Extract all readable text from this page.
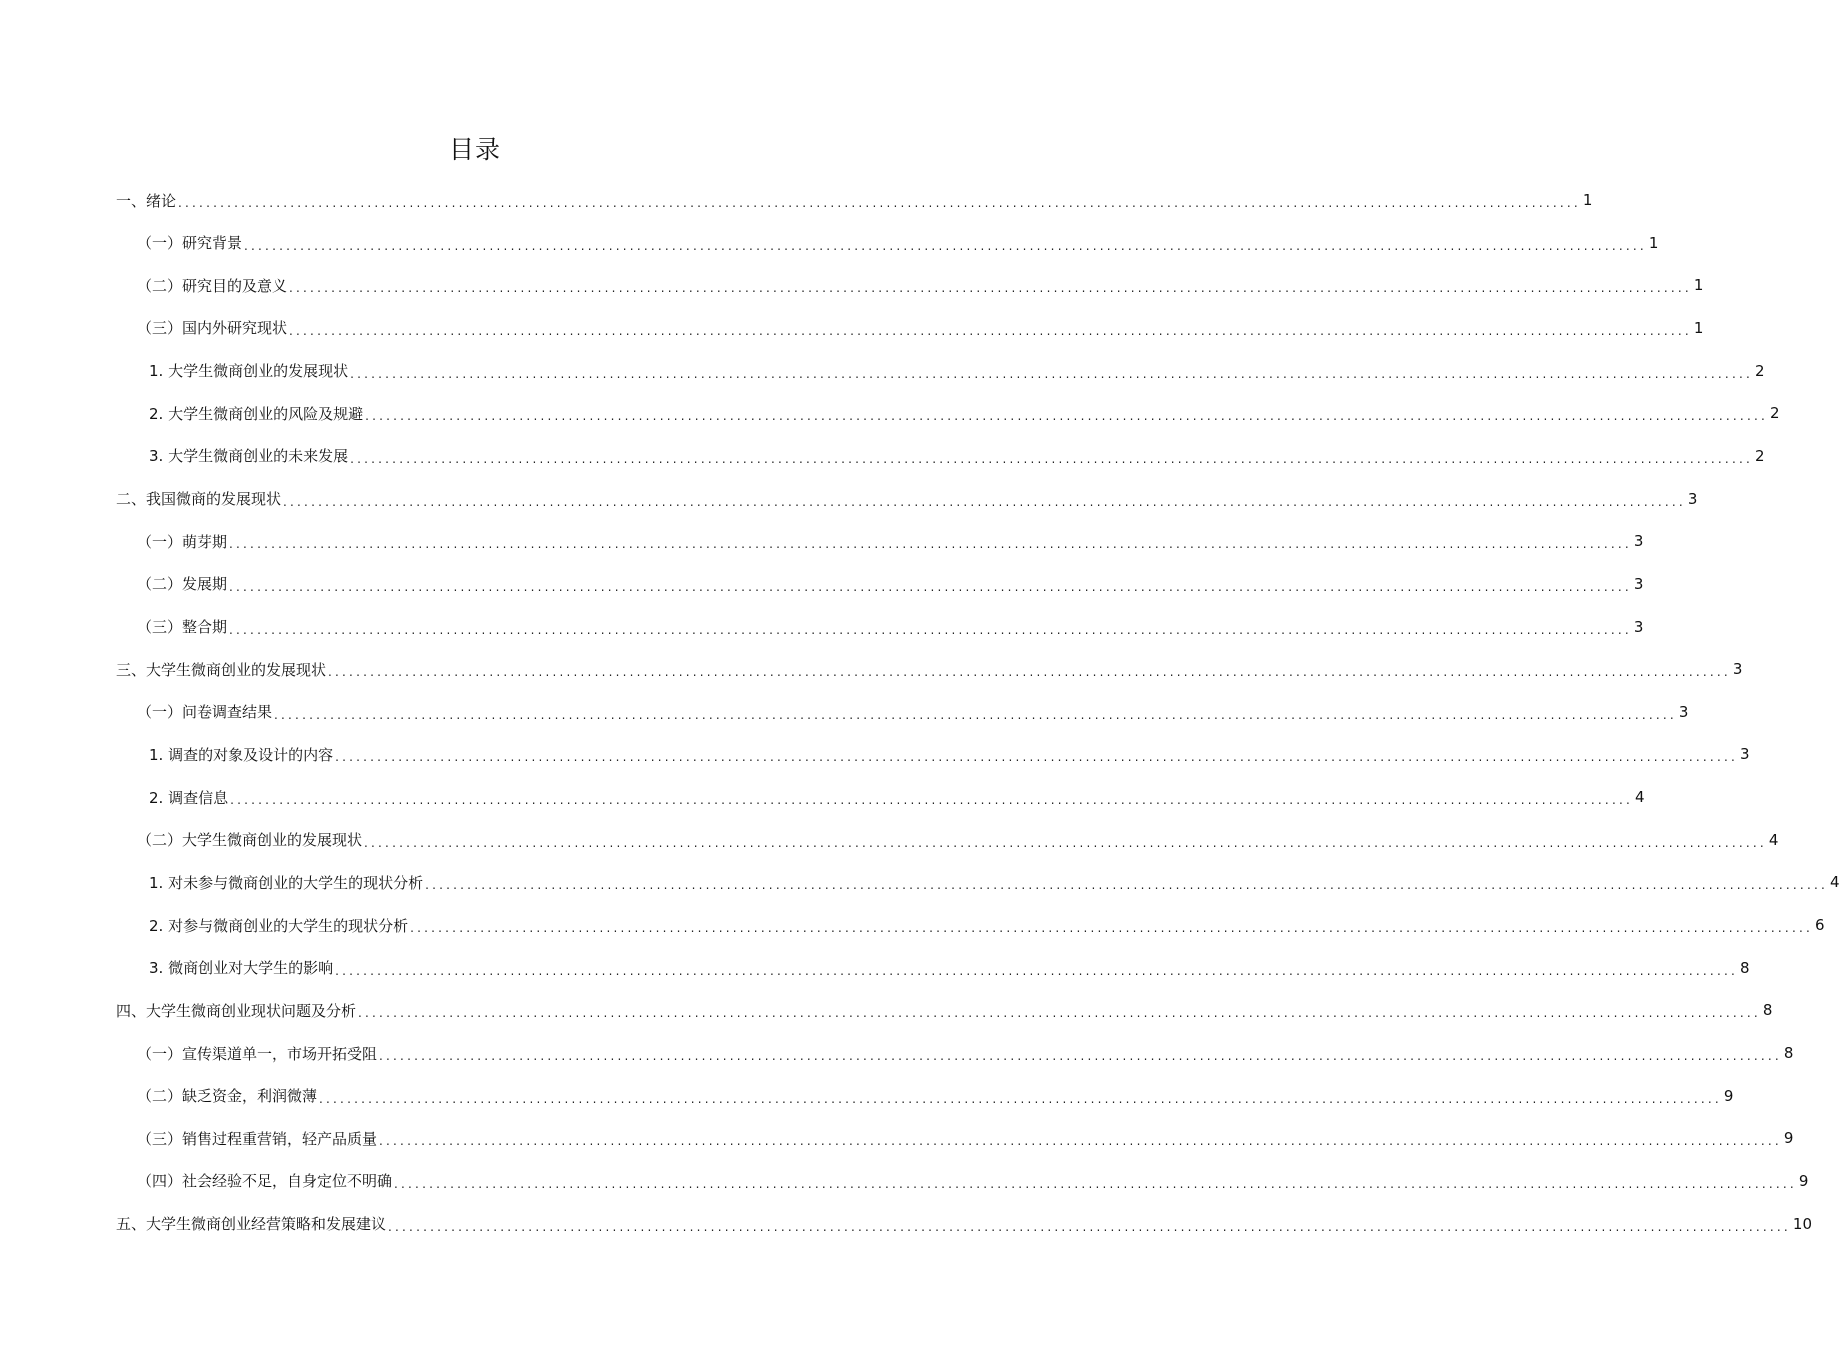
目录
一、绪论 ........................................................................................................................................................................................................ 1
（一）研究背景 ........................................................................................................................................................................................................ 1
（二）研究目的及意义 ........................................................................................................................................................................................................ 1
（三）国内外研究现状 ........................................................................................................................................................................................................ 1
1. 大学生微商创业的发展现状 ........................................................................................................................................................................................................ 2
2. 大学生微商创业的风险及规避 ........................................................................................................................................................................................................ 2
3. 大学生微商创业的未来发展 ........................................................................................................................................................................................................ 2
二、我国微商的发展现状 ........................................................................................................................................................................................................ 3
（一）萌芽期 ........................................................................................................................................................................................................ 3
（二）发展期 ........................................................................................................................................................................................................ 3
（三）整合期 ........................................................................................................................................................................................................ 3
三、大学生微商创业的发展现状 ........................................................................................................................................................................................................ 3
（一）问卷调查结果 ........................................................................................................................................................................................................ 3
1. 调查的对象及设计的内容 ........................................................................................................................................................................................................ 3
2. 调查信息 ........................................................................................................................................................................................................ 4
（二）大学生微商创业的发展现状 ........................................................................................................................................................................................................ 4
1. 对未参与微商创业的大学生的现状分析 ........................................................................................................................................................................................................ 4
2. 对参与微商创业的大学生的现状分析 ........................................................................................................................................................................................................ 6
3. 微商创业对大学生的影响 ........................................................................................................................................................................................................ 8
四、大学生微商创业现状问题及分析 ........................................................................................................................................................................................................ 8
（一）宣传渠道单一，市场开拓受阻 ........................................................................................................................................................................................................ 8
（二）缺乏资金，利润微薄 ........................................................................................................................................................................................................ 9
（三）销售过程重营销，轻产品质量 ........................................................................................................................................................................................................ 9
（四）社会经验不足，自身定位不明确 ........................................................................................................................................................................................................ 9
五、大学生微商创业经营策略和发展建议 ........................................................................................................................................................................................................ 10
